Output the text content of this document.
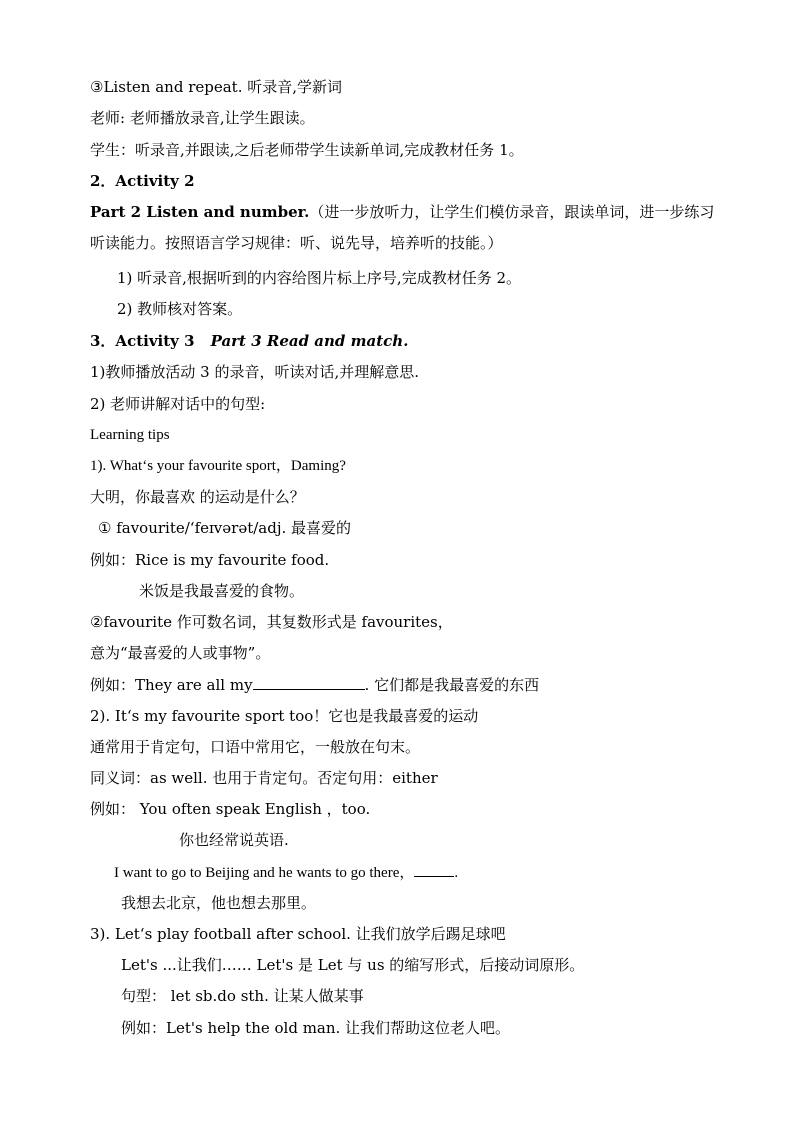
③Listen and repeat. 听录音,学新词
老师: 老师播放录音,让学生跟读。
学生：听录音,并跟读,之后老师带学生读新单词,完成教材任务 1。
2．Activity 2
Part 2 Listen and number.（进一步放听力，让学生们模仿录音，跟读单词，进一步练习
听读能力。按照语言学习规律：听、说先导，培养听的技能。）
1) 听录音,根据听到的内容给图片标上序号,完成教材任务 2。
2) 教师核对答案。
3．Activity 3 Part 3 Read and match.
1)教师播放活动 3 的录音，听读对话,并理解意思.
2) 老师讲解对话中的句型:
Learning tips
1). What‘s your favourite sport，Daming?
大明，你最喜欢 的运动是什么？
① favourite/‘feɪvərət/adj. 最喜爱的
例如：Rice is my favourite food.
米饭是我最喜爱的食物。
②favourite 作可数名词，其复数形式是 favourites，
意为“最喜爱的人或事物”。
例如：They are all my	. 它们都是我最喜爱的东西
2). It‘s my favourite sport too！它也是我最喜爱的运动
通常用于肯定句，口语中常用它，一般放在句末。
同义词：as well. 也用于肯定句。否定句用：either
例如： You often speak English ，too.
你也经常说英语.
I want to go to Beijing and he wants to go there，	.
我想去北京，他也想去那里。
3). Let‘s play football after school. 让我们放学后踢足球吧
Let's ...让我们…… Let's 是 Let 与 us 的缩写形式，后接动词原形。
句型： let sb.do sth. 让某人做某事
例如：Let's help the old man. 让我们帮助这位老人吧。
